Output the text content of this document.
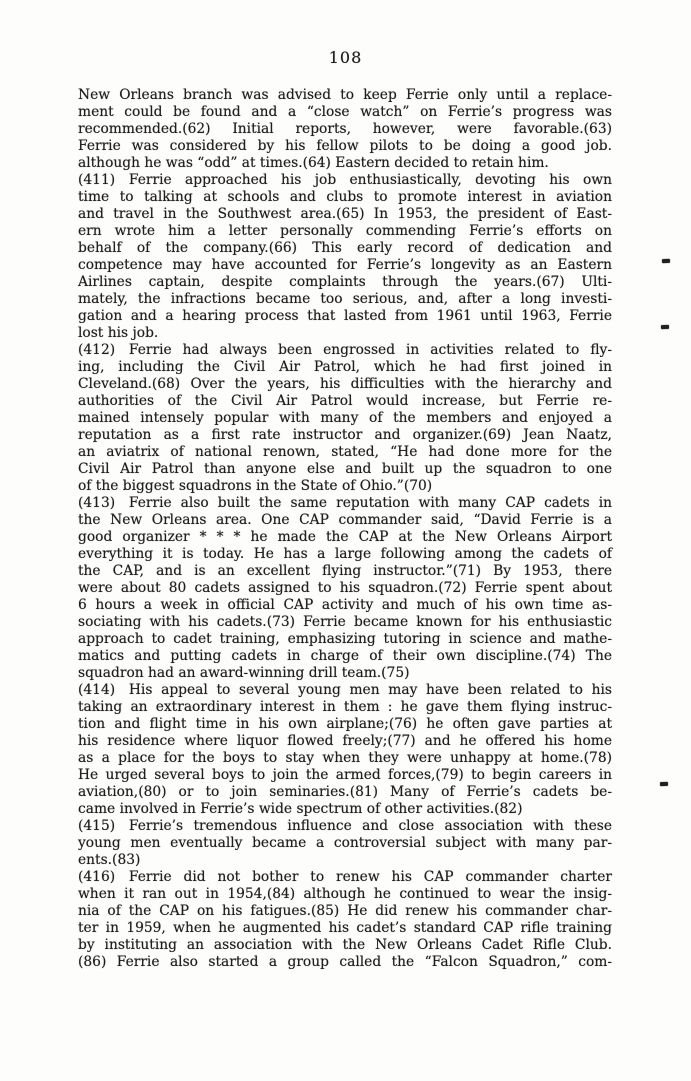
108
New Orleans branch was advised to keep Ferrie only until a replace-
ment could be found and a “close watch” on Ferrie’s progress was
recommended.(62) Initial reports, however, were favorable.(63)
Ferrie was considered by his fellow pilots to be doing a good job.
although he was “odd” at times.(64) Eastern decided to retain him.
(411) Ferrie approached his job enthusiastically, devoting his own
time to talking at schools and clubs to promote interest in aviation
and travel in the Southwest area.(65) In 1953, the president of East-
ern wrote him a letter personally commending Ferrie’s efforts on
behalf of the company.(66) This early record of dedication and
competence may have accounted for Ferrie’s longevity as an Eastern
Airlines captain, despite complaints through the years.(67) Ulti-
mately, the infractions became too serious, and, after a long investi-
gation and a hearing process that lasted from 1961 until 1963, Ferrie
lost his job.
(412) Ferrie had always been engrossed in activities related to fly-
ing, including the Civil Air Patrol, which he had first joined in
Cleveland.(68) Over the years, his difficulties with the hierarchy and
authorities of the Civil Air Patrol would increase, but Ferrie re-
mained intensely popular with many of the members and enjoyed a
reputation as a first rate instructor and organizer.(69) Jean Naatz,
an aviatrix of national renown, stated, “He had done more for the
Civil Air Patrol than anyone else and built up the squadron to one
of the biggest squadrons in the State of Ohio.”(70)
(413) Ferrie also built the same reputation with many CAP cadets in
the New Orleans area. One CAP commander said, “David Ferrie is a
good organizer * * * he made the CAP at the New Orleans Airport
everything it is today. He has a large following among the cadets of
the CAP, and is an excellent flying instructor.”(71) By 1953, there
were about 80 cadets assigned to his squadron.(72) Ferrie spent about
6 hours a week in official CAP activity and much of his own time as-
sociating with his cadets.(73) Ferrie became known for his enthusiastic
approach to cadet training, emphasizing tutoring in science and mathe-
matics and putting cadets in charge of their own discipline.(74) The
squadron had an award-winning drill team.(75)
(414) His appeal to several young men may have been related to his
taking an extraordinary interest in them : he gave them flying instruc-
tion and flight time in his own airplane;(76) he often gave parties at
his residence where liquor flowed freely;(77) and he offered his home
as a place for the boys to stay when they were unhappy at home.(78)
He urged several boys to join the armed forces,(79) to begin careers in
aviation,(80) or to join seminaries.(81) Many of Ferrie’s cadets be-
came involved in Ferrie’s wide spectrum of other activities.(82)
(415) Ferrie’s tremendous influence and close association with these
young men eventually became a controversial subject with many par-
ents.(83)
(416) Ferrie did not bother to renew his CAP commander charter
when it ran out in 1954,(84) although he continued to wear the insig-
nia of the CAP on his fatigues.(85) He did renew his commander char-
ter in 1959, when he augmented his cadet’s standard CAP rifle training
by instituting an association with the New Orleans Cadet Rifle Club.
(86) Ferrie also started a group called the “Falcon Squadron,” com-
